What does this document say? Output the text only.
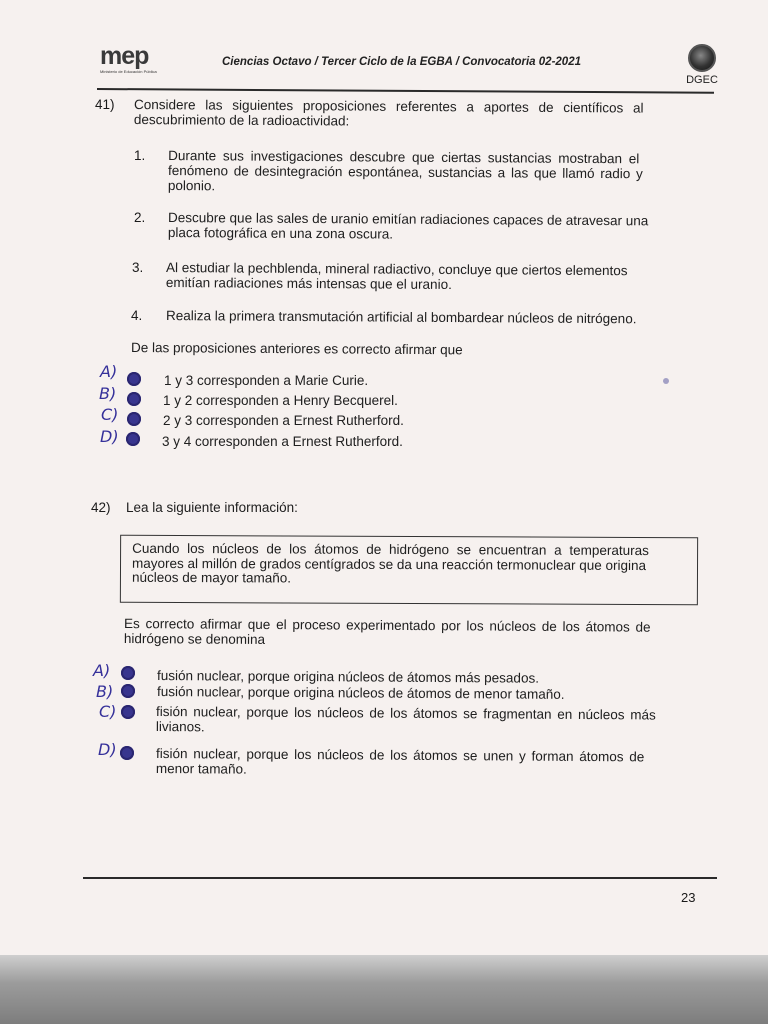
mep
Ministerio de Educación Pública
Ciencias Octavo / Tercer Ciclo de la EGBA / Convocatoria 02-2021
DGEC
41) Considere las siguientes proposiciones referentes a aportes de científicos al
descubrimiento de la radioactividad:
1. Durante sus investigaciones descubre que ciertas sustancias mostraban el
fenómeno de desintegración espontánea, sustancias a las que llamó radio y
polonio.
2. Descubre que las sales de uranio emitían radiaciones capaces de atravesar una
placa fotográfica en una zona oscura.
3. Al estudiar la pechblenda, mineral radiactivo, concluye que ciertos elementos
emitían radiaciones más intensas que el uranio.
4. Realiza la primera transmutación artificial al bombardear núcleos de nitrógeno.
De las proposiciones anteriores es correcto afirmar que
A)	1 y 3 corresponden a Marie Curie.
B)	1 y 2 corresponden a Henry Becquerel.
C)	2 y 3 corresponden a Ernest Rutherford.
D)	3 y 4 corresponden a Ernest Rutherford.
42) Lea la siguiente información:
Cuando los núcleos de los átomos de hidrógeno se encuentran a temperaturas
mayores al millón de grados centígrados se da una reacción termonuclear que origina
núcleos de mayor tamaño.
Es correcto afirmar que el proceso experimentado por los núcleos de los átomos de
hidrógeno se denomina
A)	fusión nuclear, porque origina núcleos de átomos más pesados.
B)	fusión nuclear, porque origina núcleos de átomos de menor tamaño.
C)	fisión nuclear, porque los núcleos de los átomos se fragmentan en núcleos más
livianos.
D)	fisión nuclear, porque los núcleos de los átomos se unen y forman átomos de
menor tamaño.
23
